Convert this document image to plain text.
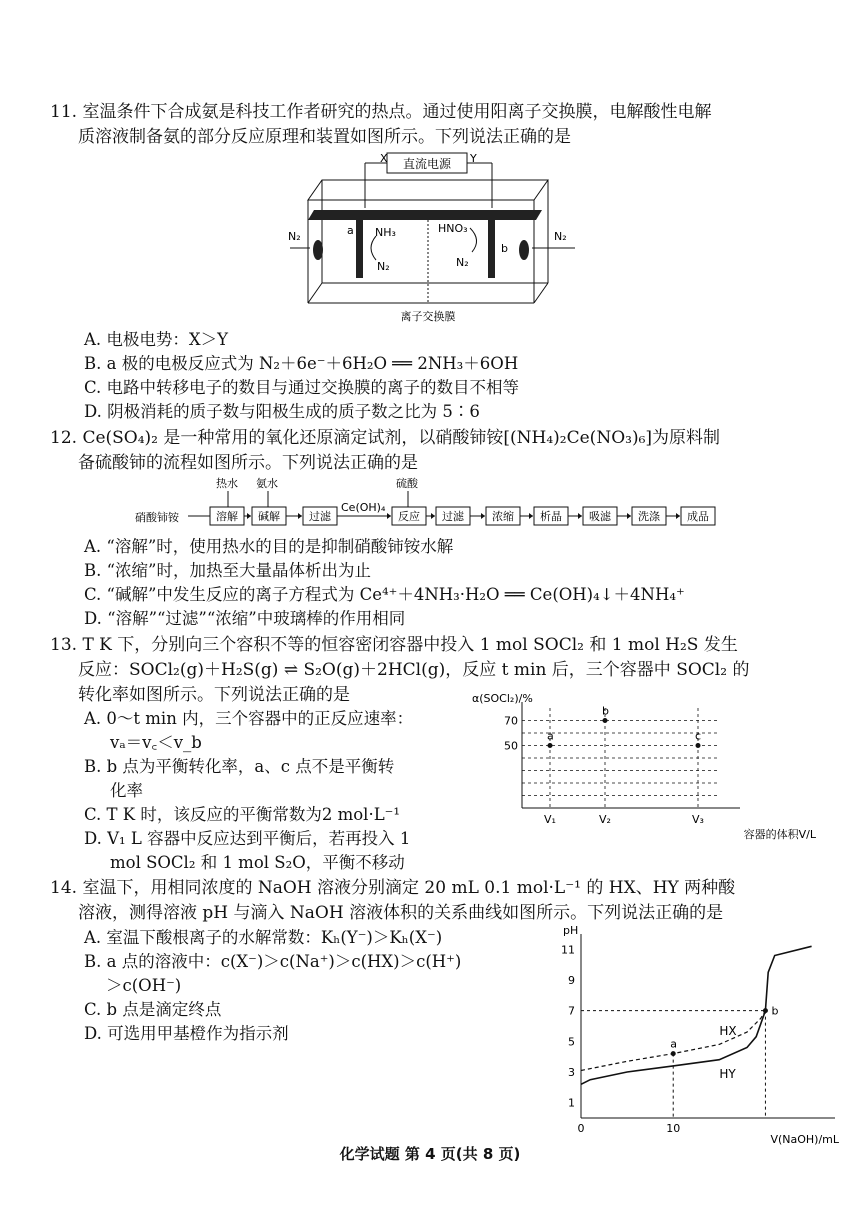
11. 室温条件下合成氨是科技工作者研究的热点。通过使用阳离子交换膜，电解酸性电解
质溶液制备氨的部分反应原理和装置如图所示。下列说法正确的是
直流电源
X	Y
N₂	N₂
a
b
NH₃	HNO₃
N₂	N₂
离子交换膜
A. 电极电势：X＞Y
B. a 极的电极反应式为 N₂＋6e⁻＋6H₂O ══ 2NH₃＋6OH
C. 电路中转移电子的数目与通过交换膜的离子的数目不相等
D. 阴极消耗的质子数与阳极生成的质子数之比为 5∶6
12. Ce(SO₄)₂ 是一种常用的氧化还原滴定试剂，以硝酸铈铵[(NH₄)₂Ce(NO₃)₆]为原料制
备硫酸铈的流程如图所示。下列说法正确的是
硝酸铈铵
热水 氨水	硫酸
Ce(OH)₄
溶解 碱解	过滤	反应 过滤	浓缩 析晶 吸滤 洗涤 成品
A. “溶解”时，使用热水的目的是抑制硝酸铈铵水解
B. “浓缩”时，加热至大量晶体析出为止
C. “碱解”中发生反应的离子方程式为 Ce⁴⁺＋4NH₃·H₂O ══ Ce(OH)₄↓＋4NH₄⁺
D. “溶解”“过滤”“浓缩”中玻璃棒的作用相同
13. T K 下，分别向三个容积不等的恒容密闭容器中投入 1 mol SOCl₂ 和 1 mol H₂S 发生
反应：SOCl₂(g)＋H₂S(g) ⇌ S₂O(g)＋2HCl(g)，反应 t min 后，三个容器中 SOCl₂ 的
转化率如图所示。下列说法正确的是
A. 0～t min 内，三个容器中的正反应速率：
vₐ＝v꜀＜v_b
B. b 点为平衡转化率，a、c 点不是平衡转
化率
C. T K 时，该反应的平衡常数为2 mol·L⁻¹
D. V₁ L 容器中反应达到平衡后，若再投入 1
mol SOCl₂ 和 1 mol S₂O，平衡不移动
α(SOCl₂)/%
容器的体积V/L
50
70
V₁	V₂	V₃
a
b
c
14. 室温下，用相同浓度的 NaOH 溶液分别滴定 20 mL 0.1 mol·L⁻¹ 的 HX、HY 两种酸
溶液，测得溶液 pH 与滴入 NaOH 溶液体积的关系曲线如图所示。下列说法正确的是
A. 室温下酸根离子的水解常数：Kₕ(Y⁻)＞Kₕ(X⁻)
B. a 点的溶液中：c(X⁻)＞c(Na⁺)＞c(HX)＞c(H⁺)
＞c(OH⁻)
C. b 点是滴定终点
D. 可选用甲基橙作为指示剂
pH
V(NaOH)/mL
1
3
5
7
9
11
0	10
HX
HY
a
b
化学试题 第 4 页(共 8 页)
